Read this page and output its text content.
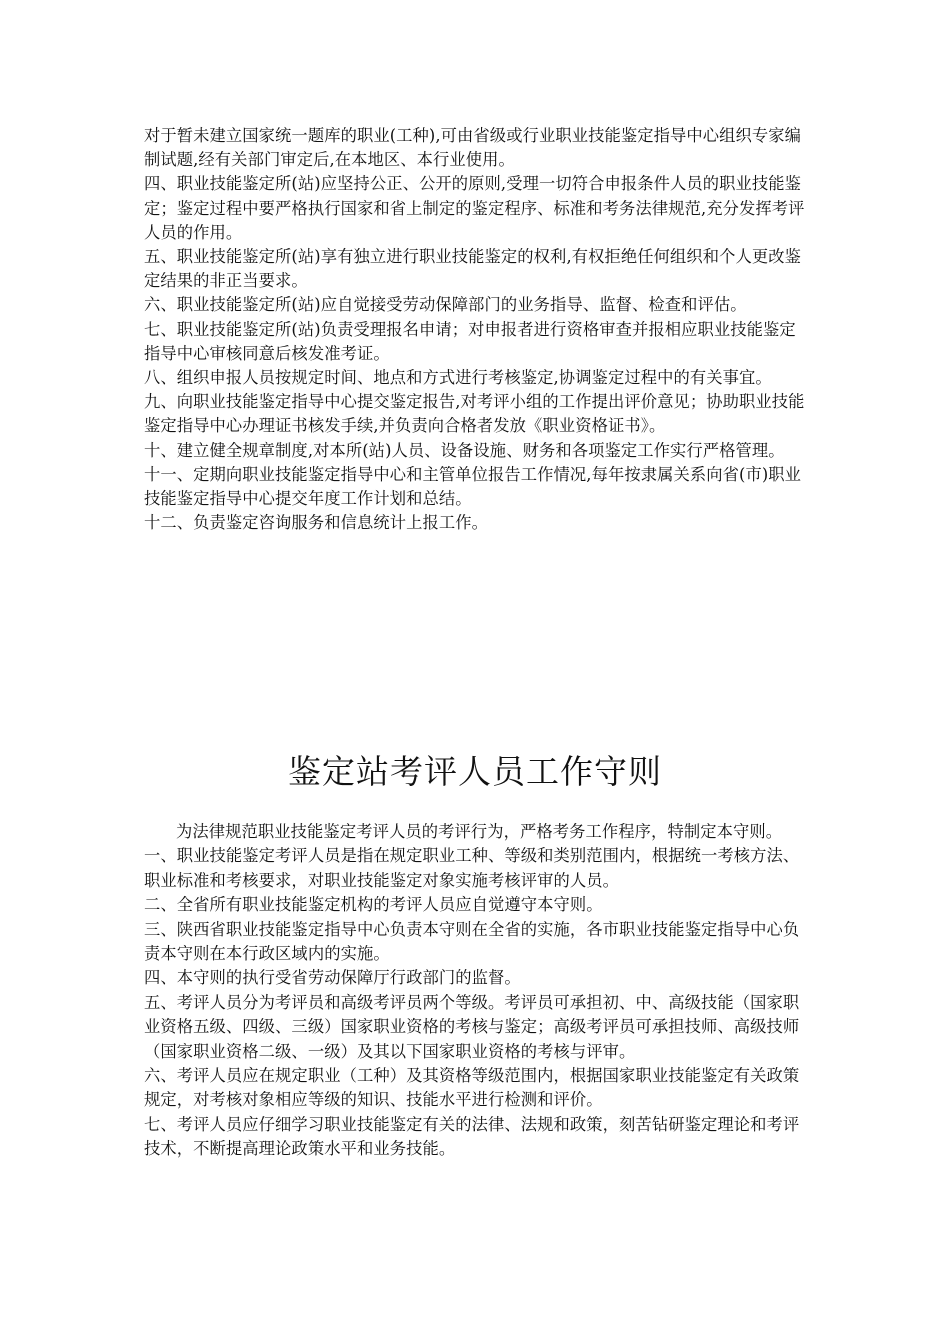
对于暂未建立国家统一题库的职业(工种),可由省级或行业职业技能鉴定指导中心组织专家编制试题,经有关部门审定后,在本地区、本行业使用。

四、职业技能鉴定所(站)应坚持公正、公开的原则,受理一切符合申报条件人员的职业技能鉴定；鉴定过程中要严格执行国家和省上制定的鉴定程序、标准和考务法律规范,充分发挥考评人员的作用。

五、职业技能鉴定所(站)享有独立进行职业技能鉴定的权利,有权拒绝任何组织和个人更改鉴定结果的非正当要求。

六、职业技能鉴定所(站)应自觉接受劳动保障部门的业务指导、监督、检查和评估。

七、职业技能鉴定所(站)负责受理报名申请；对申报者进行资格审查并报相应职业技能鉴定指导中心审核同意后核发准考证。

八、组织申报人员按规定时间、地点和方式进行考核鉴定,协调鉴定过程中的有关事宜。

九、向职业技能鉴定指导中心提交鉴定报告,对考评小组的工作提出评价意见；协助职业技能鉴定指导中心办理证书核发手续,并负责向合格者发放《职业资格证书》。

十、建立健全规章制度,对本所(站)人员、设备设施、财务和各项鉴定工作实行严格管理。

十一、定期向职业技能鉴定指导中心和主管单位报告工作情况,每年按隶属关系向省(市)职业技能鉴定指导中心提交年度工作计划和总结。

十二、负责鉴定咨询服务和信息统计上报工作。

鉴定站考评人员工作守则

为法律规范职业技能鉴定考评人员的考评行为，严格考务工作程序，特制定本守则。

一、职业技能鉴定考评人员是指在规定职业工种、等级和类别范围内，根据统一考核方法、职业标准和考核要求，对职业技能鉴定对象实施考核评审的人员。

二、全省所有职业技能鉴定机构的考评人员应自觉遵守本守则。

三、陕西省职业技能鉴定指导中心负责本守则在全省的实施，各市职业技能鉴定指导中心负责本守则在本行政区域内的实施。

四、本守则的执行受省劳动保障厅行政部门的监督。

五、考评人员分为考评员和高级考评员两个等级。考评员可承担初、中、高级技能（国家职业资格五级、四级、三级）国家职业资格的考核与鉴定；高级考评员可承担技师、高级技师（国家职业资格二级、一级）及其以下国家职业资格的考核与评审。

六、考评人员应在规定职业（工种）及其资格等级范围内，根据国家职业技能鉴定有关政策规定，对考核对象相应等级的知识、技能水平进行检测和评价。

七、考评人员应仔细学习职业技能鉴定有关的法律、法规和政策，刻苦钻研鉴定理论和考评技术，不断提高理论政策水平和业务技能。
